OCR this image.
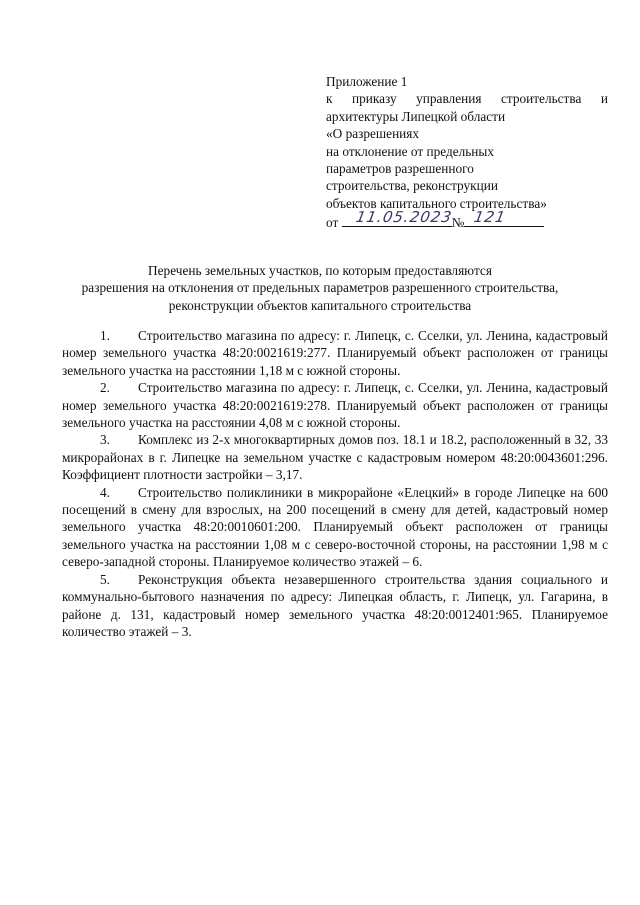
Приложение 1
к приказу управления строительства и
архитектуры Липецкой области
«О разрешениях
на отклонение от предельных
параметров разрешенного
строительства, реконструкции
объектов капитального строительства»
от 11.05.2023
№ 121
Перечень земельных участков, по которым предоставляются
разрешения на отклонения от предельных параметров разрешенного строительства,
реконструкции объектов капитального строительства

1. Строительство магазина по адресу: г. Липецк, с. Сселки, ул. Ленина, кадастровый номер земельного участка 48:20:0021619:277. Планируемый объект расположен от границы земельного участка на расстоянии 1,18 м с южной стороны.

2. Строительство магазина по адресу: г. Липецк, с. Сселки, ул. Ленина, кадастровый номер земельного участка 48:20:0021619:278. Планируемый объект расположен от границы земельного участка на расстоянии 4,08 м с южной стороны.

3. Комплекс из 2-х многоквартирных домов поз. 18.1 и 18.2, расположенный в 32, 33 микрорайонах в г. Липецке на земельном участке с кадастровым номером 48:20:0043601:296. Коэффициент плотности застройки – 3,17.

4. Строительство поликлиники в микрорайоне «Елецкий» в городе Липецке на 600 посещений в смену для взрослых, на 200 посещений в смену для детей, кадастровый номер земельного участка 48:20:0010601:200. Планируемый объект расположен от границы земельного участка на расстоянии 1,08 м с северо-восточной стороны, на расстоянии 1,98 м с северо-западной стороны. Планируемое количество этажей – 6.

5. Реконструкция объекта незавершенного строительства здания социального и коммунально-бытового назначения по адресу: Липецкая область, г. Липецк, ул. Гагарина, в районе д. 131, кадастровый номер земельного участка 48:20:0012401:965. Планируемое количество этажей – 3.
